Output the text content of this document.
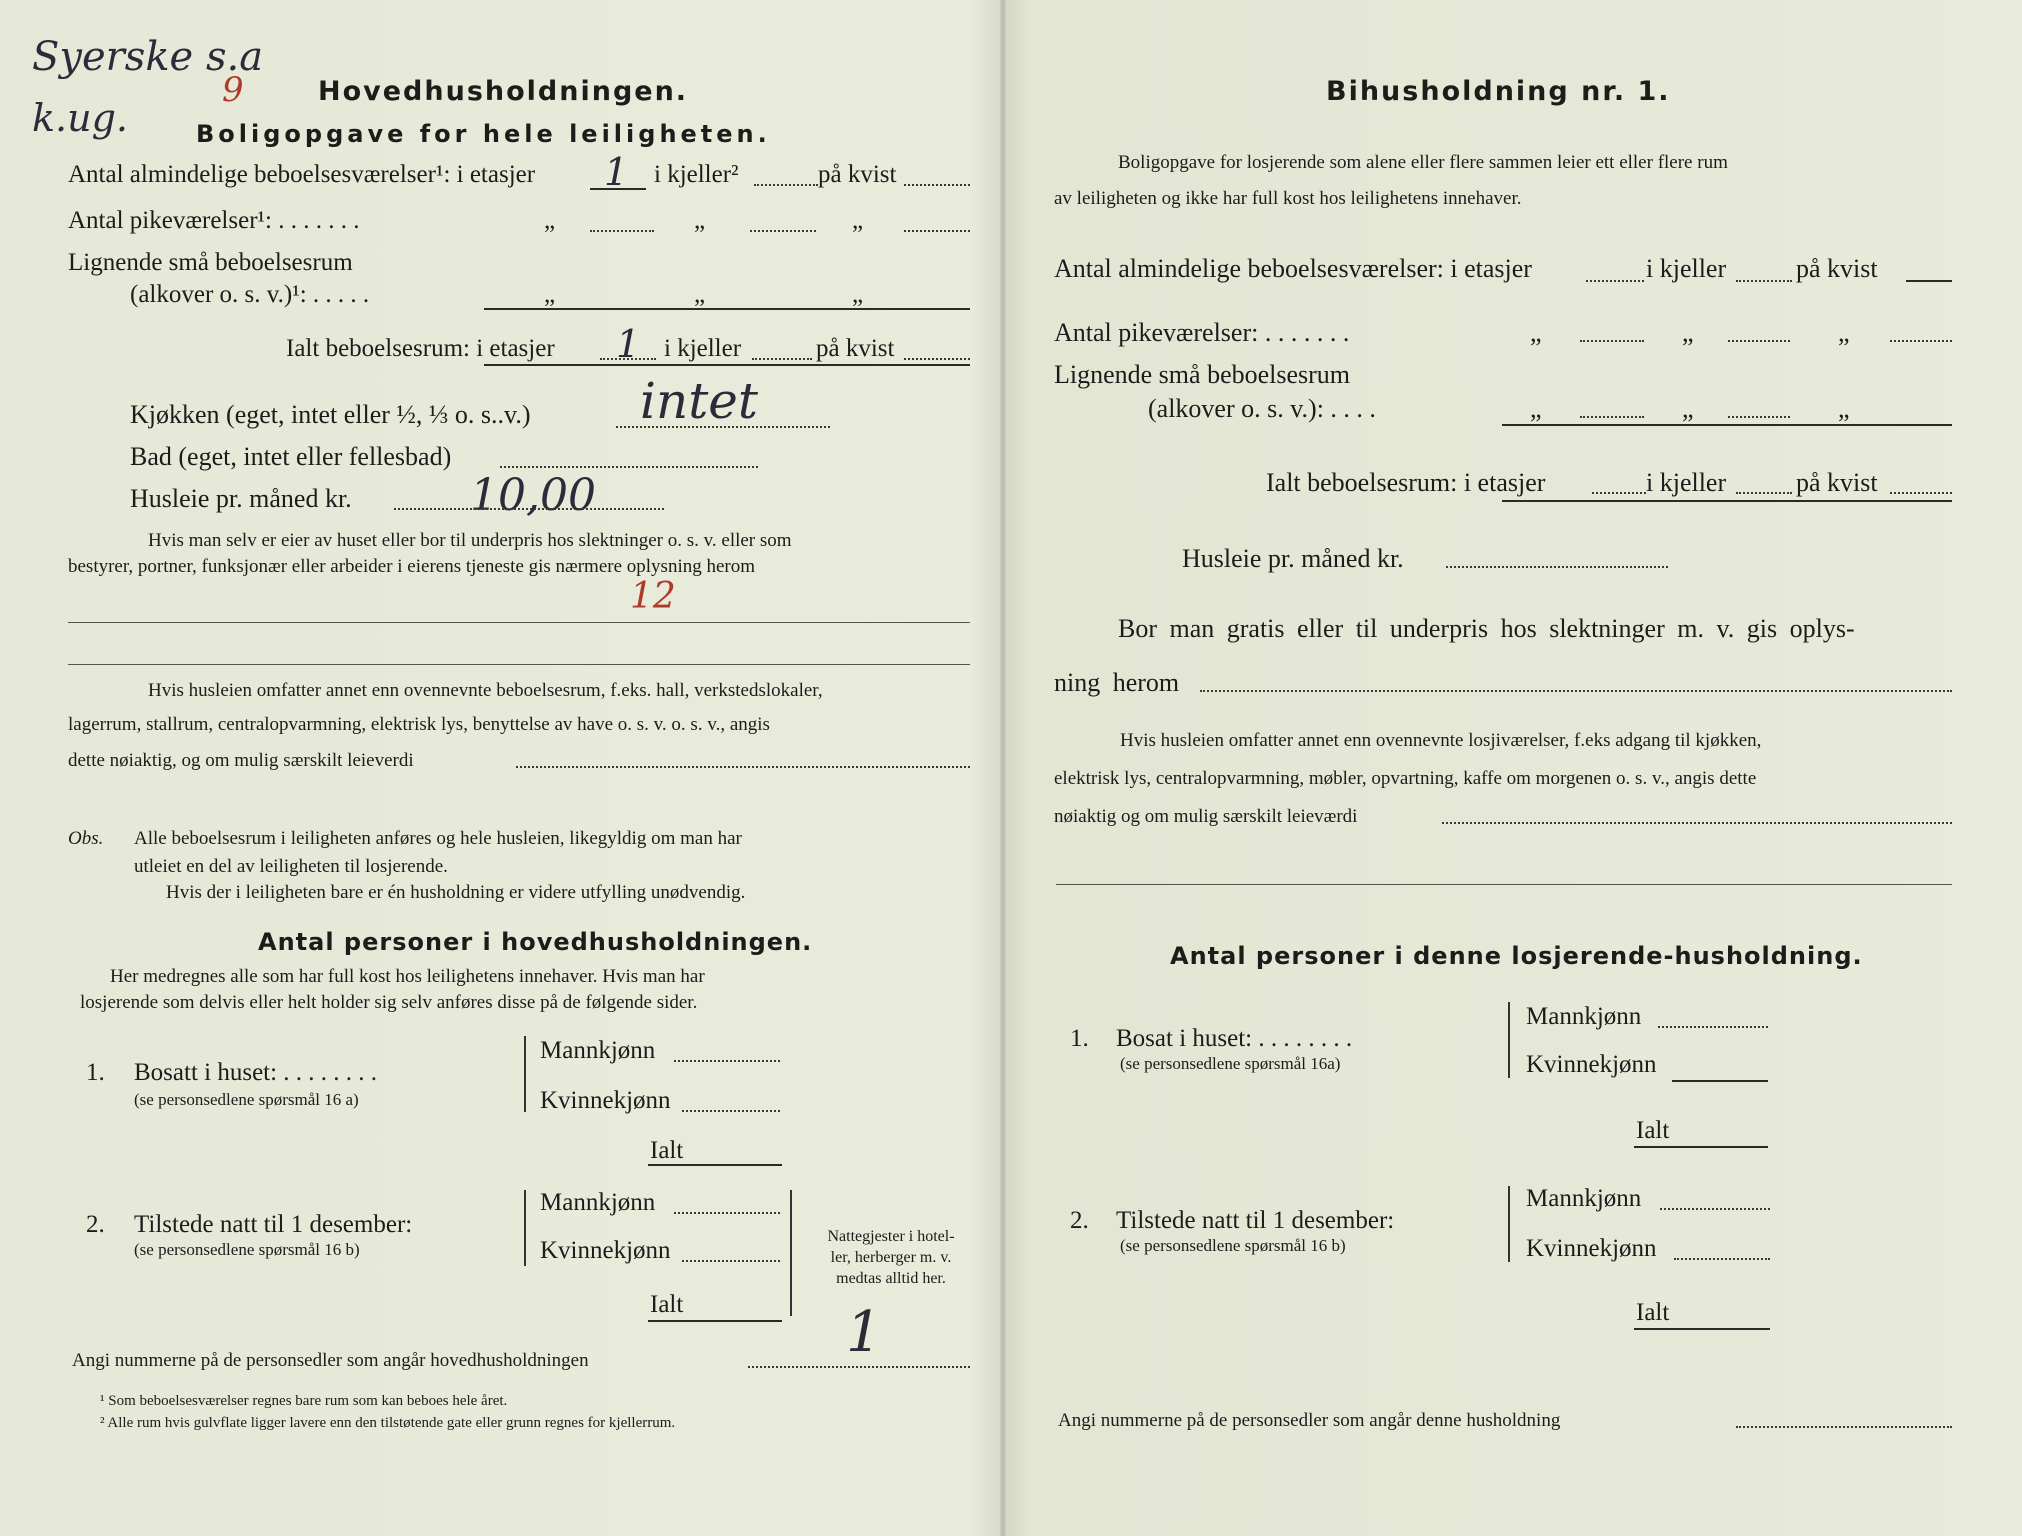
Syerske s.a
k.ug.
9	Hovedhusholdningen.
Boligopgave for hele leiligheten.
Antal almindelige beboelsesværelser¹: i etasjer 1 i kjeller²	på kvist
Antal pikeværelser¹: . . . . . . .	„	„	„
Lignende små beboelsesrum
(alkover o. s. v.)¹: . . . . .	„	„	„
Ialt beboelsesrum: i etasjer 1 i kjeller	på kvist
Kjøkken (eget, intet eller ½, ⅓ o. s..v.) intet
Bad (eget, intet eller fellesbad)
Husleie pr. måned kr.	10,00
Hvis man selv er eier av huset eller bor til underpris hos slektninger o. s. v. eller som
bestyrer, portner, funksjonær eller arbeider i eierens tjeneste gis nærmere oplysning herom
12
Hvis husleien omfatter annet enn ovennevnte beboelsesrum, f.eks. hall, verkstedslokaler,
lagerrum, stallrum, centralopvarmning, elektrisk lys, benyttelse av have o. s. v. o. s. v., angis
dette nøiaktig, og om mulig særskilt leieverdi
Obs. Alle beboelsesrum i leiligheten anføres og hele husleien, likegyldig om man har
utleiet en del av leiligheten til losjerende.
Hvis der i leiligheten bare er én husholdning er videre utfylling unødvendig.
Antal personer i hovedhusholdningen.
Her medregnes alle som har full kost hos leilighetens innehaver. Hvis man har
losjerende som delvis eller helt holder sig selv anføres disse på de følgende sider.
1. Bosatt i huset: . . . . . . . .
(se personsedlene spørsmål 16 a)
Mannkjønn
Kvinnekjønn
Ialt
2. Tilstede natt til 1 desember:
(se personsedlene spørsmål 16 b)
Mannkjønn
Kvinnekjønn
Ialt
Nattegjester i hotel-
ler, herberger m. v.
medtas alltid her.
1
Angi nummerne på de personsedler som angår hovedhusholdningen
¹ Som beboelsesværelser regnes bare rum som kan beboes hele året.
² Alle rum hvis gulvflate ligger lavere enn den tilstøtende gate eller grunn regnes for kjellerrum.
Bihusholdning nr. 1.
Boligopgave for losjerende som alene eller flere sammen leier ett eller flere rum
av leiligheten og ikke har full kost hos leilighetens innehaver.
Antal almindelige beboelsesværelser: i etasjer	i kjeller	på kvist
Antal pikeværelser: . . . . . . .	„	„	„
Lignende små beboelsesrum
(alkover o. s. v.): . . . .	„	„	„
Ialt beboelsesrum: i etasjer	i kjeller	på kvist
Husleie pr. måned kr.
Bor man gratis eller til underpris hos slektninger m. v. gis oplys-
ning herom
Hvis husleien omfatter annet enn ovennevnte losjiværelser, f.eks adgang til kjøkken,
elektrisk lys, centralopvarmning, møbler, opvartning, kaffe om morgenen o. s. v., angis dette
nøiaktig og om mulig særskilt leieværdi
Antal personer i denne losjerende-husholdning.
1. Bosat i huset: . . . . . . . .
(se personsedlene spørsmål 16a)
Mannkjønn
Kvinnekjønn
Ialt
2. Tilstede natt til 1 desember:
(se personsedlene spørsmål 16 b)
Mannkjønn
Kvinnekjønn
Ialt
Angi nummerne på de personsedler som angår denne husholdning
